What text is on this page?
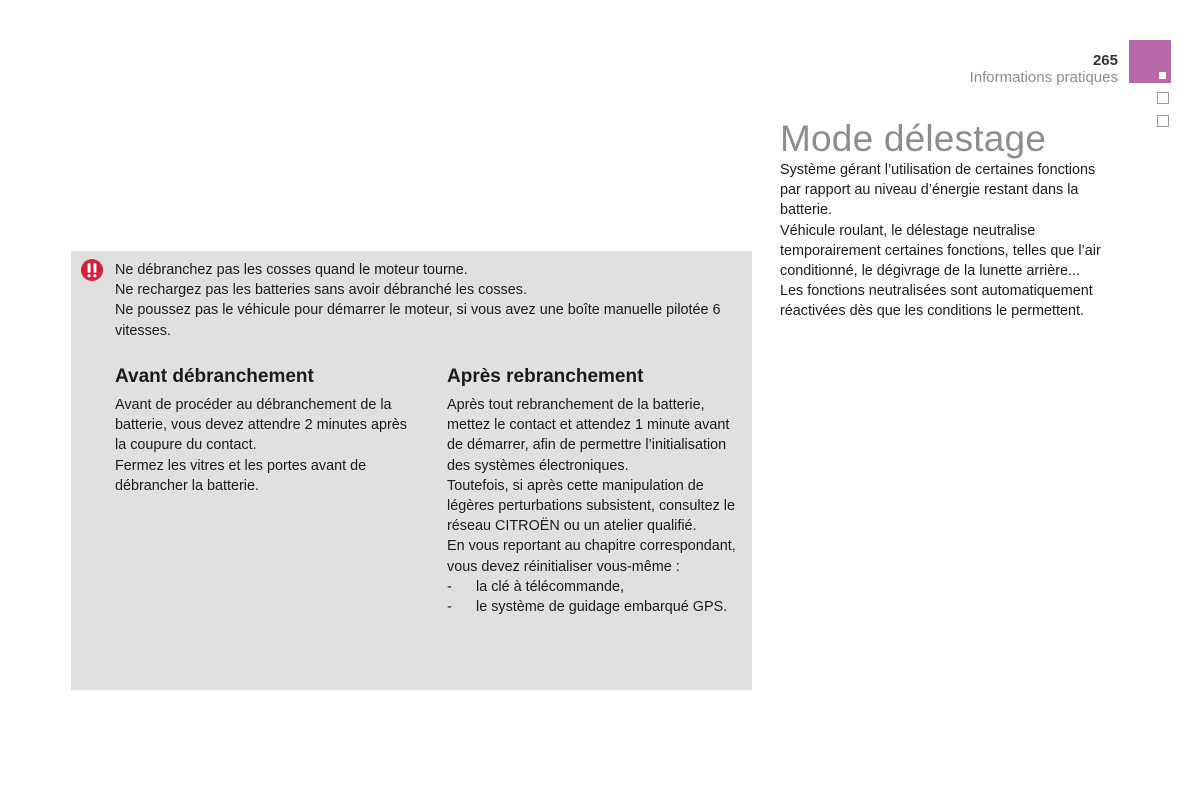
265
Informations pratiques
Mode délestage

Système gérant l’utilisation de certaines fonctions par rapport au niveau d’énergie restant dans la batterie.

Véhicule roulant, le délestage neutralise temporairement certaines fonctions, telles que l’air conditionné, le dégivrage de la lunette arrière...

Les fonctions neutralisées sont automatiquement réactivées dès que les conditions le permettent.

Ne débranchez pas les cosses quand le moteur tourne.

Ne rechargez pas les batteries sans avoir débranché les cosses.

Ne poussez pas le véhicule pour démarrer le moteur, si vous avez une boîte manuelle pilotée 6 vitesses.

Avant débranchement

Avant de procéder au débranchement de la batterie, vous devez attendre 2 minutes après la coupure du contact.

Fermez les vitres et les portes avant de débrancher la batterie.

Après rebranchement

Après tout rebranchement de la batterie, mettez le contact et attendez 1 minute avant de démarrer, afin de permettre l’initialisation des systèmes électroniques.

Toutefois, si après cette manipulation de légères perturbations subsistent, consultez le réseau CITROËN ou un atelier qualifié.

En vous reportant au chapitre correspondant, vous devez réinitialiser vous-même :

-	la clé à télécommande,
-	le système de guidage embarqué GPS.
